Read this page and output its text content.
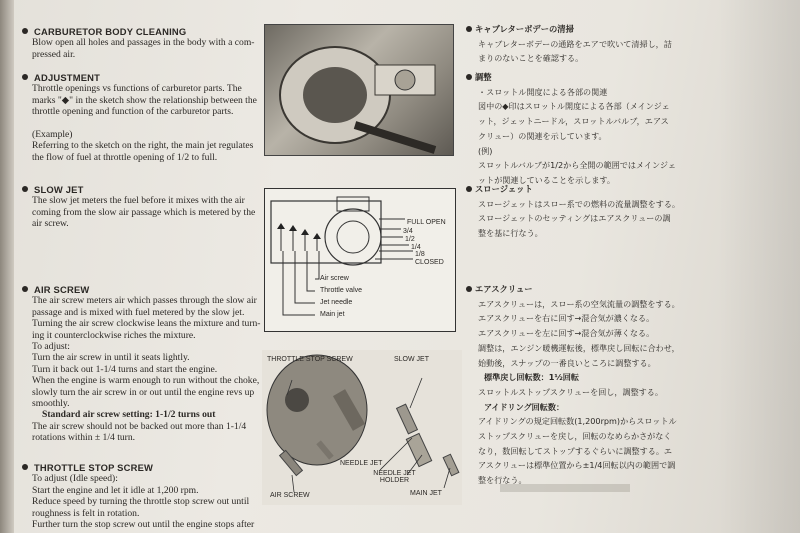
CARBURETOR BODY CLEANING

Blow open all holes and passages in the body with a com-
pressed air.

ADJUSTMENT

Throttle openings vs functions of carburetor parts. The
marks "◆" in the sketch show the relationship between the
throttle opening and function of the carburetor parts.

(Example)
Referring to the sketch on the right, the main jet regulates
the flow of fuel at throttle opening of 1/2 to full.

SLOW JET

The slow jet meters the fuel before it mixes with the air
coming from the slow air passage which is metered by the
air screw.

AIR SCREW

The air screw meters air which passes through the slow air
passage and is mixed with fuel metered by the slow jet.
Turning the air screw clockwise leans the mixture and turn-
ing it counterclockwise riches the mixture.
To adjust:
Turn the air screw in until it seats lightly.
Turn it back out 1-1/4 turns and start the engine.
When the engine is warm enough to run without the choke,
slowly turn the air screw in or out until the engine revs up
smoothly.
Standard air screw setting: 1-1/2 turns out
The air screw should not be backed out more than 1-1/4
rotations within ± 1/4 turn.

THROTTLE STOP SCREW

To adjust (Idle speed):
Start the engine and let it idle at 1,200 rpm.
Reduce speed by turning the throttle stop screw out until
roughness is felt in rotation.
Further turn the stop screw out until the engine stops after

FULL OPEN
3/4
1/2
1/4
1/8
CLOSED
Air screw
Throttle valve
Jet needle
Main jet
THROTTLE STOP SCREW	SLOW JET
NEEDLE JET
NEEDLE JET HOLDER
AIR SCREW	MAIN JET
キャブレターボデーの清掃

キャブレターボデーの通路をエアで吹いて清掃し，詰
まりのないことを確認する。

調整

・スロットル開度による各部の関連
図中の◆印はスロットル開度による各部（メインジェ
ット，ジェットニードル，スロットルバルブ，エアス
クリュー）の関連を示しています。
(例)
スロットルバルブが1/2から全開の範囲ではメインジェ
ットが関連していることを示します。

スロージェット

スロージェットはスロー系での燃料の流量調整をする。
スロージェットのセッティングはエアスクリューの調
整を基に行なう。

エアスクリュー

エアスクリューは，スロー系の空気流量の調整をする。
エアスクリューを右に回す→混合気が濃くなる。
エアスクリューを左に回す→混合気が薄くなる。
調整は，エンジン暖機運転後，標準戻し回転に合わせ，
始動後，スナップの一番良いところに調整する。
標準戻し回転数：1½回転
スロットルストップスクリューを回し，調整する。
アイドリング回転数：
アイドリングの規定回転数(1,200rpm)からスロットル
ストップスクリューを戻し，回転のなめらかさがなく
なり，数回転してストップするぐらいに調整する。エ
アスクリューは標準位置から±1/4回転以内の範囲で調
整を行なう。
